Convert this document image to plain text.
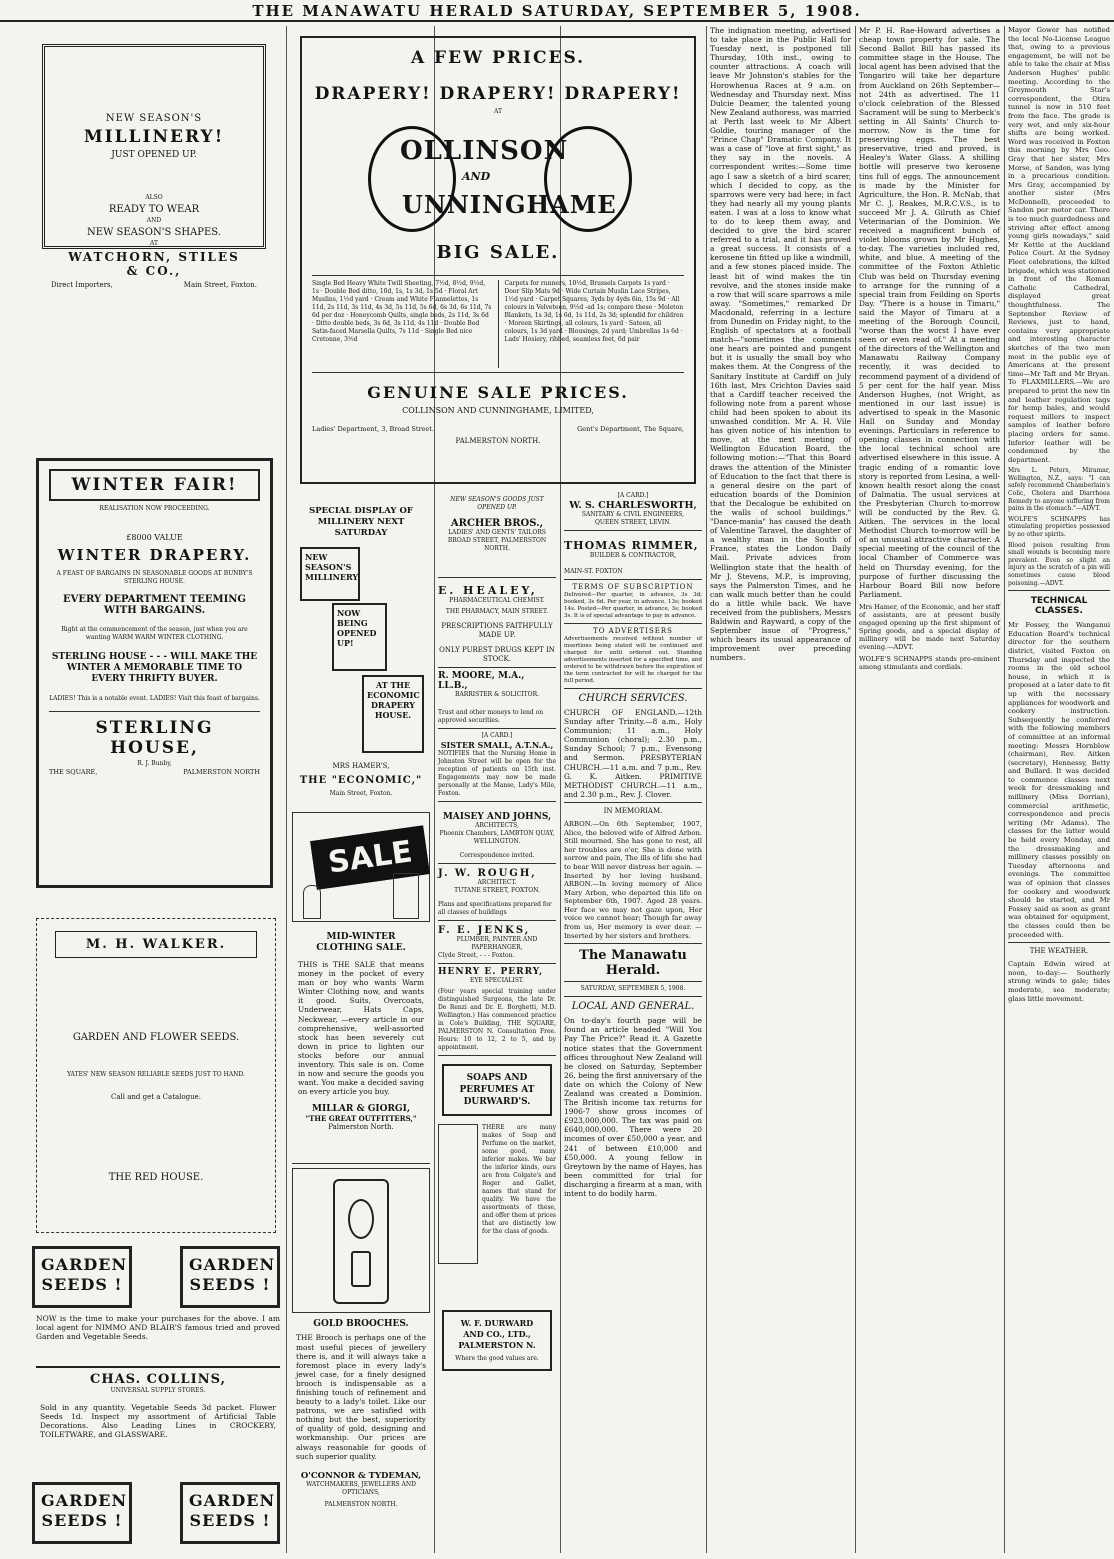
THE MANAWATU HERALD SATURDAY, SEPTEMBER 5, 1908.
NEW SEASON'S
MILLINERY!
JUST OPENED UP.
ALSO
READY TO WEAR
AND
NEW SEASON'S SHAPES.
AT
WATCHORN, STILES
& CO.,
Direct Importers,	Main Street, Foxton.
WINTER FAIR!
REALISATION NOW PROCEEDING.
£8000 VALUE
WINTER DRAPERY.
A FEAST OF BARGAINS IN SEASONABLE GOODS AT BUNBY'S STERLING HOUSE.
EVERY DEPARTMENT TEEMING WITH BARGAINS.
Right at the commencement of the season, just when you are wanting WARM WARM WINTER CLOTHING.
STERLING HOUSE - - - WILL MAKE THE WINTER A MEMORABLE TIME TO EVERY THRIFTY BUYER.
LADIES! This is a notable event. LADIES! Visit this feast of bargains.
STERLING HOUSE,
R. J. Bunby,
THE SQUARE,	PALMERSTON NORTH
M. H. WALKER.
GARDEN AND FLOWER SEEDS.
YATES' NEW SEASON RELIABLE SEEDS JUST TO HAND.
Call and get a Catalogue.
THE RED HOUSE.
GARDEN SEEDS !
GARDEN SEEDS !
NOW is the time to make your purchases for the above. I am local agent for NIMMO AND BLAIR'S famous tried and proved Garden and Vegetable Seeds.
CHAS. COLLINS,
UNIVERSAL SUPPLY STORES.
Sold in any quantity. Vegetable Seeds 3d packet. Flower Seeds 1d. Inspect my assortment of Artificial Table Decorations. Also Leading Lines in CROCKERY, TOILETWARE, and GLASSWARE.
GARDEN SEEDS !
GARDEN SEEDS !
A FEW PRICES.
DRAPERY! DRAPERY! DRAPERY!
AT
OLLINSON
AND
UNNINGHAME
BIG SALE.
Single Bed Heavy White Twill Sheeting, 7½d, 8½d, 9½d, 1s · Double Bed ditto, 10d, 1s, 1s 3d, 1s 5d · Floral Art Muslins, 1½d yard · Cream and White Flannelettes, 1s 11d, 2s 11d, 3s 11d, 4s 3d, 5s 11d, 5s 6d, 6s 3d, 6s 11d, 7s 6d per doz · Honeycomb Quilts, single beds, 2s 11d, 3s 6d · Ditto double beds, 3s 6d, 3s 11d, 4s 11d · Double Bed Satin-faced Marsella Quilts, 7s 11d · Single Bed nice Cretonne, 3½d
Carpets for runners, 10½d, Brussels Carpets 1s yard · Door Slip Mats 9d · Wide Curtain Muslin Lace Stripes, 1½d yard · Carpet Squares, 3yds by 4yds 6in, 15s 9d · All colours in Velveteen, 9½d -ad 1s; compare these · Moleton Blankets, 1s 3d, 1s 6d, 1s 11d, 2s 3d; splendid for children · Moreen Skirtings, all colours, 1s yard · Sateen, all colours, 1s 3d yard · Blousings, 2d yard; Umbrellas 1s 6d · Lads' Hosiery, ribbed, seamless feet, 6d pair
GENUINE SALE PRICES.
COLLINSON AND CUNNINGHAME, LIMITED,
Ladies' Department, 3, Broad Street.	Gent's Department, The Square,
PALMERSTON NORTH.
SPECIAL DISPLAY OF MILLINERY NEXT SATURDAY
NEW SEASON'S MILLINERY
NOW BEING OPENED UP!
AT THE ECONOMIC DRAPERY HOUSE.
MRS HAMER'S,
THE "ECONOMIC,"
Main Street, Foxton.
SALE
MID-WINTER CLOTHING SALE.
THIS is THE SALE that means money in the pocket of every man or boy who wants Warm Winter Clothing now, and wants it good. Suits, Overcoats, Underwear, Hats Caps, Neckwear, —every article in our comprehensive, well-assorted stock has been severely cut down in price to lighten our stocks before our annual inventory. This sale is on. Come in now and secure the goods you want. You make a decided saving on every article you buy.
MILLAR & GIORGI,
"THE GREAT OUTFITTERS,"
Palmerston North.
GOLD BROOCHES.
THE Brooch is perhaps one of the most useful pieces of jewellery there is, and it will always take a foremost place in every lady's jewel case, for a finely designed brooch is indispensable as a finishing touch of refinement and beauty to a lady's toilet. Like our patrons, we are satisfied with nothing but the best, superiority of quality of gold, designing and workmanship. Our prices are always reasonable for goods of such superior quality.
O'CONNOR & TYDEMAN,
WATCHMAKERS, JEWELLERS AND OPTICIANS,
PALMERSTON NORTH.
NEW SEASON'S GOODS JUST OPENED UP.
ARCHER BROS.,
LADIES' AND GENTS' TAILORS
BROAD STREET, PALMERSTON NORTH.
E. HEALEY,
PHARMACEUTICAL CHEMIST.
THE PHARMACY, MAIN STREET.
PRESCRIPTIONS FAITHFULLY MADE UP.
ONLY PUREST DRUGS KEPT IN STOCK.
R. MOORE, M.A., LL.B.,
BARRISTER & SOLICITOR.
Trust and other moneys to lend on approved securities.
[A CARD.]
SISTER SMALL, A.T.N.A.,
NOTIFIES that the Nursing Home in Johnston Street will be open for the reception of patients on 15th inst. Engagements may now be made personally at the Manse, Lady's Mile, Foxton.
MAISEY AND JOHNS,
ARCHITECTS,
Phoenix Chambers, LAMBTON QUAY, WELLINGTON.
Correspondence invited.
J. W. ROUGH,
ARCHITECT.
TUTANE STREET, FOXTON.
Plans and specifications prepared for all classes of buildings
F. E. JENKS,
PLUMBER, PAINTER AND PAPERHANGER,
Clyde Street, - - - Foxton.
HENRY E. PERRY,
EYE SPECIALIST.
(Four years special training under distinguished Surgeons, the late Dr. De Renzi and Dr. E. Borghetti, M.D. Wellington.) Has commenced practice in Cole's Building, THE SQUARE, PALMERSTON N. Consultation Free. Hours: 10 to 12, 2 to 5, and by appointment.
SOAPS AND PERFUMES AT DURWARD'S.
THERE are many makes of Soap and Perfume on the market, some good, many inferior makes. We bar the inferior kinds, ours are from Colgate's and Roger and Gallet, names that stand for quality. We have the assortments of these, and offer them at prices that are distinctly low for the class of goods.
W. F. DURWARD AND CO., LTD., PALMERSTON N.
Where the good values are.
[A CARD.]
W. S. CHARLESWORTH,
SANITARY & CIVIL ENGINEERS,
QUEEN STREET, LEVIN.
THOMAS RIMMER,
BUILDER & CONTRACTOR,
MAIN-ST. FOXTON
TERMS OF SUBSCRIPTION
Delivered—Per quarter, in advance, 3s 3d; booked, 3s 6d. Per year, in advance, 13s; booked 14s. Posted—Per quarter, in advance, 3s; booked 3s. It is of special advantage to pay in advance.
TO ADVERTISERS
Advertisements received without number of insertions being stated will be continued and charged for until ordered out. Standing advertisements inserted for a specified time, and ordered to be withdrawn before the expiration of the term contracted for will be charged for the full period.
CHURCH SERVICES.
CHURCH OF ENGLAND.—12th Sunday after Trinity.—8 a.m., Holy Communion; 11 a.m., Holy Communion (choral); 2.30 p.m., Sunday School; 7 p.m., Evensong and Sermon. PRESBYTERIAN CHURCH.—11 a.m. and 7 p.m., Rev. G. K. Aitken. PRIMITIVE METHODIST CHURCH.—11 a.m., and 2.30 p.m., Rev. J. Clover.
IN MEMORIAM.
ARBON.—On 6th September, 1907, Alice, the beloved wife of Alfred Arbon. Still mourned. She has gone to rest, all her troubles are o'er, She is done with sorrow and pain, The ills of life she had to bear Will never distress her again. —Inserted by her loving husband. ARBON.—In loving memory of Alice Mary Arbon, who departed this life on September 6th, 1907. Aged 28 years. Her face we may not gaze upon, Her voice we cannot hear; Though far away from us, Her memory is ever dear. —Inserted by her sisters and brothers.
The Manawatu Herald.
SATURDAY, SEPTEMBER 5, 1908.
LOCAL AND GENERAL.
On to-day's fourth page will be found an article headed "Will You Pay The Price?" Read it. A Gazette notice states that the Government offices throughout New Zealand will be closed on Saturday, September 26, being the first anniversary of the date on which the Colony of New Zealand was created a Dominion. The British income tax returns for 1906-7 show gross incomes of £923,000,000. The tax was paid on £640,000,000. There were 20 incomes of over £50,000 a year, and 241 of between £10,000 and £50,000. A young fellow in Greytown by the name of Hayes, has been committed for trial for discharging a firearm at a man, with intent to do bodily harm.
The indignation meeting, advertised to take place in the Public Hall for Tuesday next, is postponed till Thursday, 10th inst., owing to counter attractions. A coach will leave Mr Johnston's stables for the Horowhenua Races at 9 a.m. on Wednesday and Thursday next. Miss Dulcie Deamer, the talented young New Zealand authoress, was married at Perth last week to Mr Albert Goldie, touring manager of the "Prince Chap" Dramatic Company. It was a case of "love at first sight," as they say in the novels. A correspondent writes:—Some time ago I saw a sketch of a bird scarer, which I decided to copy, as the sparrows were very bad here; in fact they had nearly all my young plants eaten. I was at a loss to know what to do to keep them away, and decided to give the bird scarer referred to a trial, and it has proved a great success. It consists of a kerosene tin fitted up like a windmill, and a few stones placed inside. The least bit of wind makes the tin revolve, and the stones inside make a row that will scare sparrows a mile away. "Sometimes," remarked Dr Macdonald, referring in a lecture from Dunedin on Friday night, to the English of spectators at a football match—"sometimes the comments one hears are pointed and pungent but it is usually the small boy who makes them. At the Congress of the Sanitary Institute at Cardiff on July 16th last, Mrs Crichton Davies said that a Cardiff teacher received the following note from a parent whose child had been spoken to about its unwashed condition. Mr A. H. Vile has given notice of his intention to move, at the next meeting of Wellington Education Board, the following motion:—"That this Board draws the attention of the Minister of Education to the fact that there is a general desire on the part of education boards of the Dominion that the Decalogue be exhibited on the walls of school buildings." "Dance-mania" has caused the death of Valentine Taravel, the daughter of a wealthy man in the South of France, states the London Daily Mail. Private advices from Wellington state that the health of Mr J. Stevens, M.P., is improving, says the Palmerston Times, and he can walk much better than he could do a little while back. We have received from the publishers, Messrs Baldwin and Rayward, a copy of the September issue of "Progress," which bears its usual appearance of improvement over preceding numbers.
Mr P. H. Rae-Howard advertises a cheap town property for sale. The Second Ballot Bill has passed its committee stage in the House. The local agent has been advised that the Tongariro will take her departure from Auckland on 26th September—not 24th as advertised. The 11 o'clock celebration of the Blessed Sacrament will be sung to Merbeck's setting in All Saints' Church to-morrow. Now is the time for preserving eggs. The best preservative, tried and proved, is Healey's Water Glass. A shilling bottle will preserve two kerosene tins full of eggs. The announcement is made by the Minister for Agriculture, the Hon. R. McNab, that Mr C. J. Reakes, M.R.C.V.S., is to succeed Mr J. A. Gilruth as Chief Veterinarian of the Dominion. We received a magnificent bunch of violet blooms grown by Mr Hughes, to-day. The varieties included red, white, and blue. A meeting of the committee of the Foxton Athletic Club was held on Thursday evening to arrange for the running of a special train from Feilding on Sports Day. "There is a house in Timaru," said the Mayor of Timaru at a meeting of the Borough Council, "worse than the worst I have ever seen or even read of." At a meeting of the directors of the Wellington and Manawatu Railway Company recently, it was decided to recommend payment of a dividend of 5 per cent for the half year. Miss Anderson Hughes, (not Wright, as mentioned in our last issue) is advertised to speak in the Masonic Hall on Sunday and Monday evenings. Particulars in reference to opening classes in connection with the local technical school are advertised elsewhere in this issue. A tragic ending of a romantic love story is reported from Lesina, a well-known health resort along the coast of Dalmatia. The usual services at the Presbyterian Church to-morrow will be conducted by the Rev. G. Aitken. The services in the local Methodist Church to-morrow will be of an unusual attractive character. A special meeting of the council of the local Chamber of Commerce was held on Thursday evening, for the purpose of further discussing the Harbour Board Bill now before Parliament.
Mrs Hamer, of the Economic, and her staff of assistants, are at present busily engaged opening up the first shipment of Spring goods, and a special display of millinery will be made next Saturday evening.—ADVT.
WOLFE'S SCHNAPPS stands pre-eminent among stimulants and cordials.
Mayor Gower has notified the local No-License League that, owing to a previous engagement, he will not be able to take the chair at Miss Anderson Hughes' public meeting. According to the Greymouth Star's correspondent, the Otira tunnel is now in 510 feet from the face. The grade is very wet, and only six-hour shifts are being worked. Word was received in Foxton this morning by Mrs Geo. Gray that her sister, Mrs Morse, of Sandon, was lying in a precarious condition. Mrs Gray, accompanied by another sister (Mrs McDonnell), proceeded to Sandon per motor car. There is too much guardedness and striving after effect among young girls nowadays," said Mr Kettle at the Auckland Police Court. At the Sydney Fleet celebrations, the kilted brigade, which was stationed in front of the Roman Catholic Cathedral, displayed great thoughtfulness. The September Review of Reviews, just to hand, contains very appropriate and interesting character sketches of the two men most in the public eye of Americans at the present time—Mr Taft and Mr Bryan. To FLAXMILLERS.—We are prepared to print the new tin and leather regulation tags for hemp bales, and would request millers to inspect samples of leather before placing orders for same. Inferior leather will be condemned by the department.
Mrs L. Peters, Miramar, Wellington, N.Z., says: "I can safely recommend Chamberlain's Colic, Cholera and Diarrhoea Remedy to anyone suffering from pains in the stomach."—ADVT.
WOLFE'S SCHNAPPS has stimulating properties possessed by no other spirits.
Blood poison resulting from small wounds is becoming more prevalent. Even so slight an injury as the scratch of a pin will sometimes cause blood poisoning.—ADVT.
TECHNICAL CLASSES.
Mr Fossey, the Wanganui Education Board's technical director for the southern district, visited Foxton on Thursday and inspected the rooms in the old school house, in which it is proposed at a later date to fit up with the necessary appliances for woodwork and cookery instruction. Subsequently he conferred with the following members of committee at an informal meeting: Messrs Hornblow (chairman), Rev. Aitken (secretary), Hennessy, Betty and Bullard. It was decided to commence classes next week for dressmaking and millinery (Miss Dorrian), commercial arithmetic, correspondence and precis writing (Mr Adams). The classes for the latter would be held every Monday, and the dressmaking and millinery classes possibly on Tuesday afternoons and evenings. The committee was of opinion that classes for cookery and woodwork should be started, and Mr Fossey said as soon as grant was obtained for equipment, the classes could then be proceeded with.
THE WEATHER.
Captain Edwin wired at noon, to-day:— Southerly strong winds to gale; tides moderate, sea moderate; glass little movement.
